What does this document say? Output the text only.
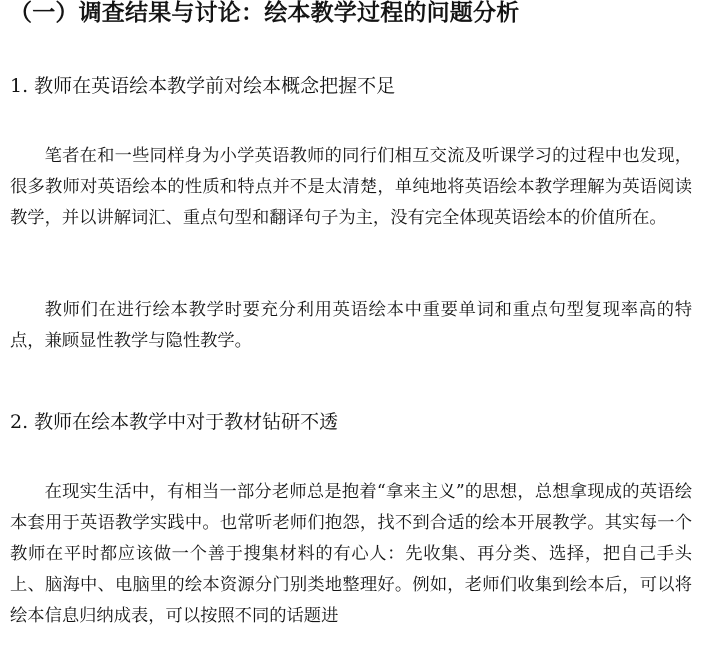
（一）调查结果与讨论：绘本教学过程的问题分析
1. 教师在英语绘本教学前对绘本概念把握不足

笔者在和一些同样身为小学英语教师的同行们相互交流及听课学习的过程中也发现，很多教师对英语绘本的性质和特点并不是太清楚，单纯地将英语绘本教学理解为英语阅读教学，并以讲解词汇、重点句型和翻译句子为主，没有完全体现英语绘本的价值所在。

教师们在进行绘本教学时要充分利用英语绘本中重要单词和重点句型复现率高的特点，兼顾显性教学与隐性教学。

2. 教师在绘本教学中对于教材钻研不透

在现实生活中，有相当一部分老师总是抱着“拿来主义”的思想，总想拿现成的英语绘本套用于英语教学实践中。也常听老师们抱怨，找不到合适的绘本开展教学。其实每一个教师在平时都应该做一个善于搜集材料的有心人：先收集、再分类、选择，把自己手头上、脑海中、电脑里的绘本资源分门别类地整理好。例如，老师们收集到绘本后，可以将绘本信息归纳成表，可以按照不同的话题进
